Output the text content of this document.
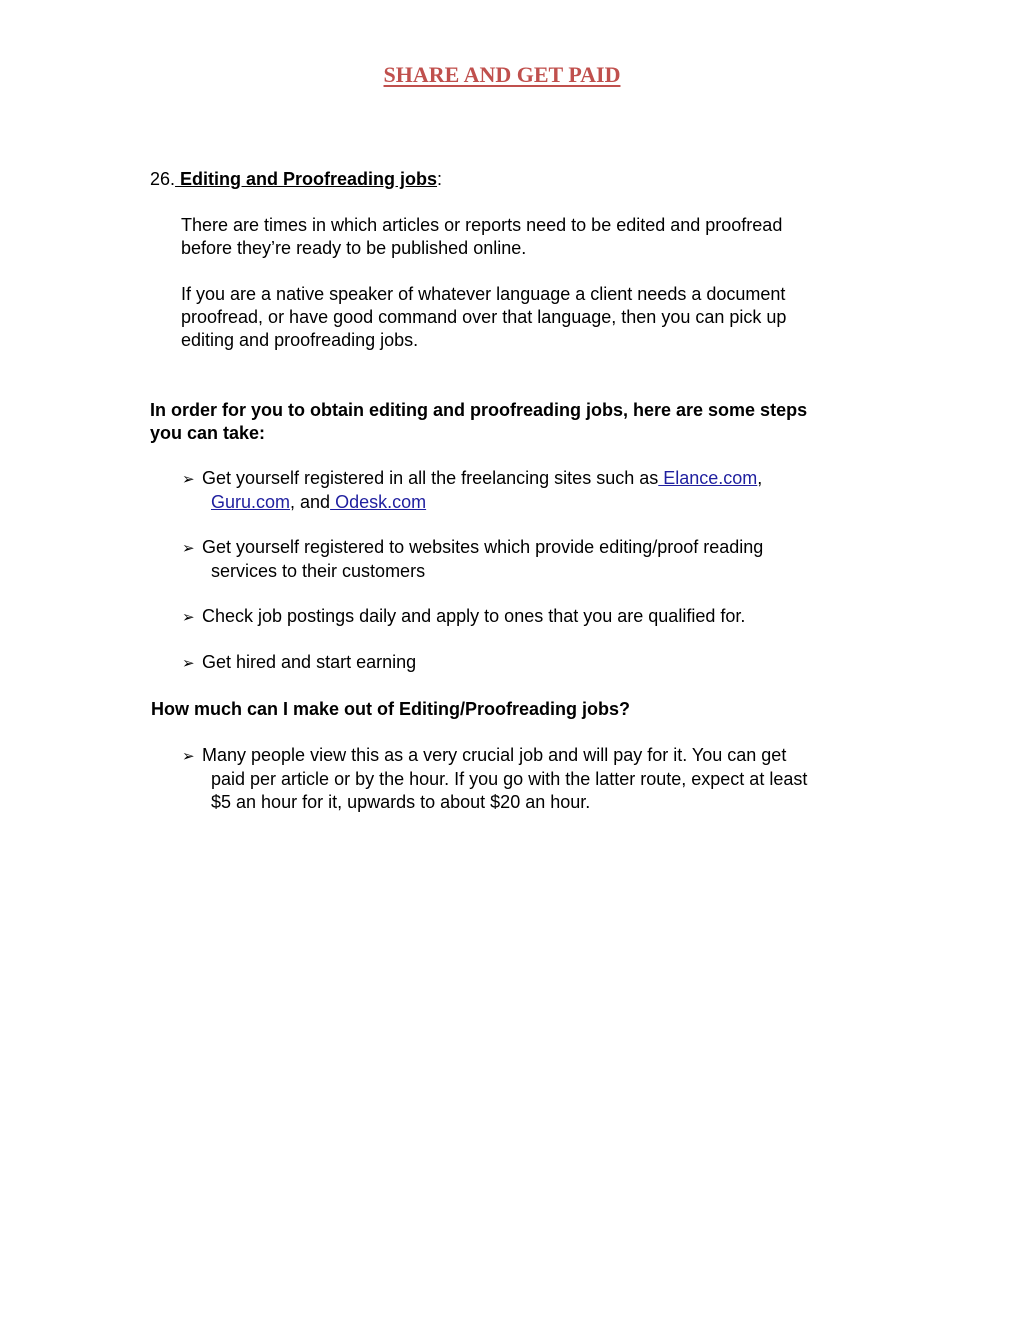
SHARE AND GET PAID
26. Editing and Proofreading jobs:
There are times in which articles or reports need to be edited and proofread
before they’re ready to be published online.
If you are a native speaker of whatever language a client needs a document
proofread, or have good command over that language, then you can pick up
editing and proofreading jobs.
In order for you to obtain editing and proofreading jobs, here are some steps
you can take:
➢ Get yourself registered in all the freelancing sites such as Elance.com,
Guru.com, and Odesk.com
➢ Get yourself registered to websites which provide editing/proof reading
services to their customers
➢ Check job postings daily and apply to ones that you are qualified for.
➢ Get hired and start earning
How much can I make out of Editing/Proofreading jobs?
➢ Many people view this as a very crucial job and will pay for it. You can get
paid per article or by the hour. If you go with the latter route, expect at least
$5 an hour for it, upwards to about $20 an hour.
